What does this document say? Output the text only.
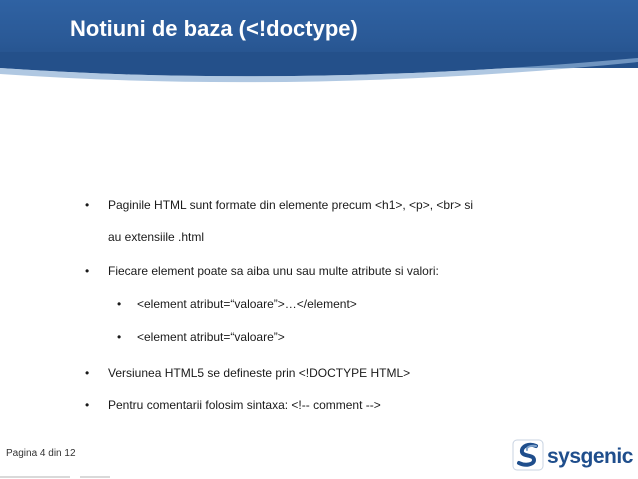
Notiuni de baza (<!doctype)
• Paginile HTML sunt formate din elemente precum <h1>, <p>, <br> si
au extensiile .html
• Fiecare element poate sa aiba unu sau multe atribute si valori:
• <element atribut=“valoare”>…</element>
• <element atribut=“valoare”>
• Versiunea HTML5 se defineste prin <!DOCTYPE HTML>
• Pentru comentarii folosim sintaxa: <!-- comment -->
Pagina 4 din 12	sysgenic
